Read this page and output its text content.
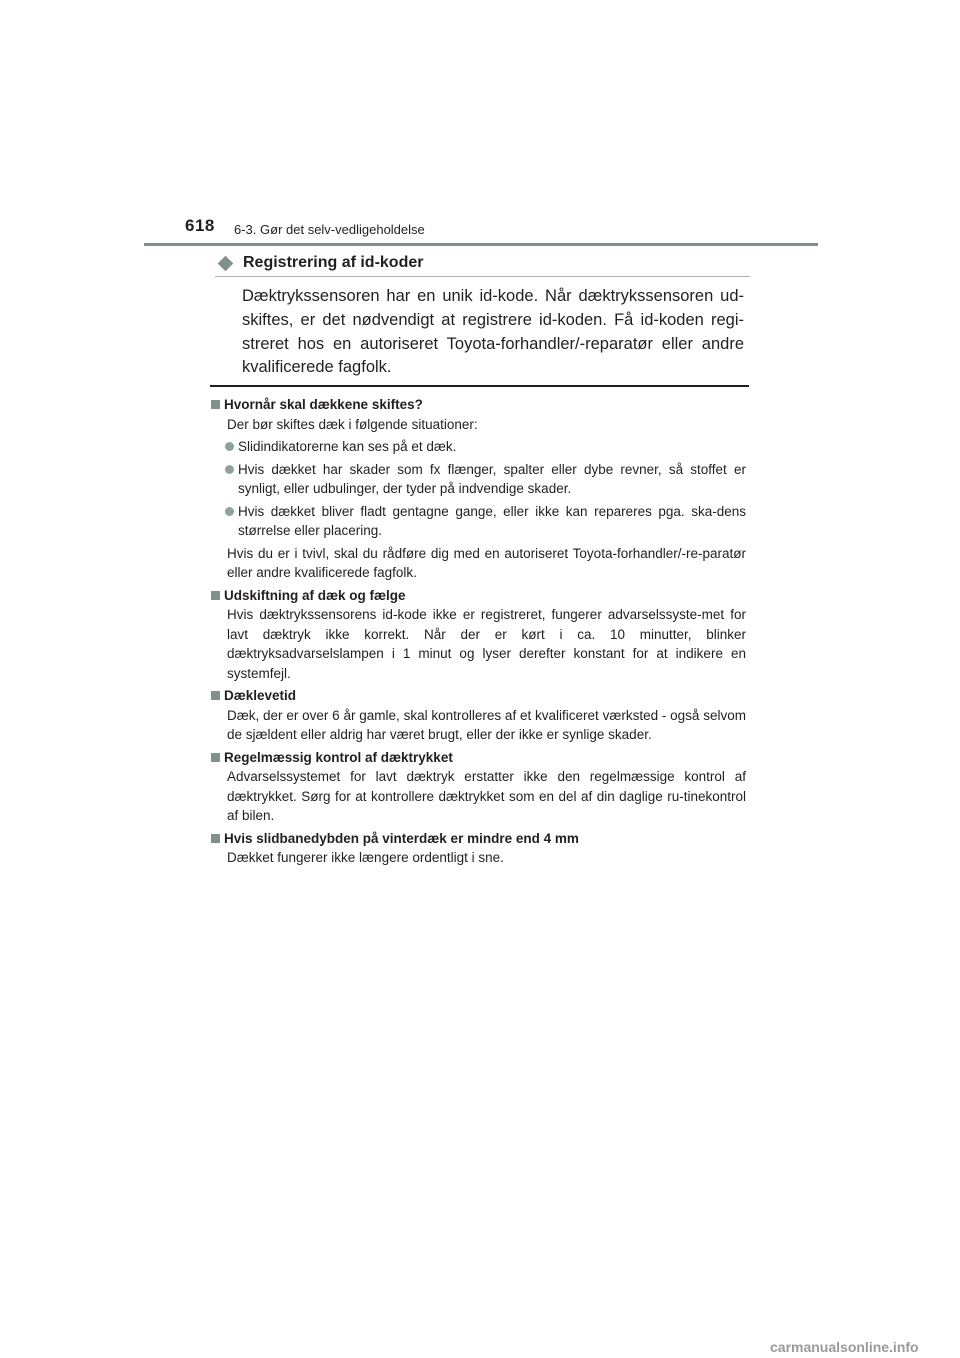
618 6-3. Gør det selv-vedligeholdelse
Registrering af id-koder

Dæktrykssensoren har en unik id-kode. Når dæktrykssensoren ud-skiftes, er det nødvendigt at registrere id-koden. Få id-koden regi-streret hos en autoriseret Toyota-forhandler/-reparatør eller andre kvalificerede fagfolk.

Hvornår skal dækkene skiftes?

Der bør skiftes dæk i følgende situationer:

Slidindikatorerne kan ses på et dæk.
Hvis dækket har skader som fx flænger, spalter eller dybe revner, så stoffet er synligt, eller udbulinger, der tyder på indvendige skader.
Hvis dækket bliver fladt gentagne gange, eller ikke kan repareres pga. ska-dens størrelse eller placering.

Hvis du er i tvivl, skal du rådføre dig med en autoriseret Toyota-forhandler/-re-paratør eller andre kvalificerede fagfolk.

Udskiftning af dæk og fælge

Hvis dæktrykssensorens id-kode ikke er registreret, fungerer advarselssyste-met for lavt dæktryk ikke korrekt. Når der er kørt i ca. 10 minutter, blinker dæktryksadvarselslampen i 1 minut og lyser derefter konstant for at indikere en systemfejl.

Dæklevetid

Dæk, der er over 6 år gamle, skal kontrolleres af et kvalificeret værksted - også selvom de sjældent eller aldrig har været brugt, eller der ikke er synlige skader.

Regelmæssig kontrol af dæktrykket

Advarselssystemet for lavt dæktryk erstatter ikke den regelmæssige kontrol af dæktrykket. Sørg for at kontrollere dæktrykket som en del af din daglige ru-tinekontrol af bilen.

Hvis slidbanedybden på vinterdæk er mindre end 4 mm

Dækket fungerer ikke længere ordentligt i sne.

carmanualsonline.info
